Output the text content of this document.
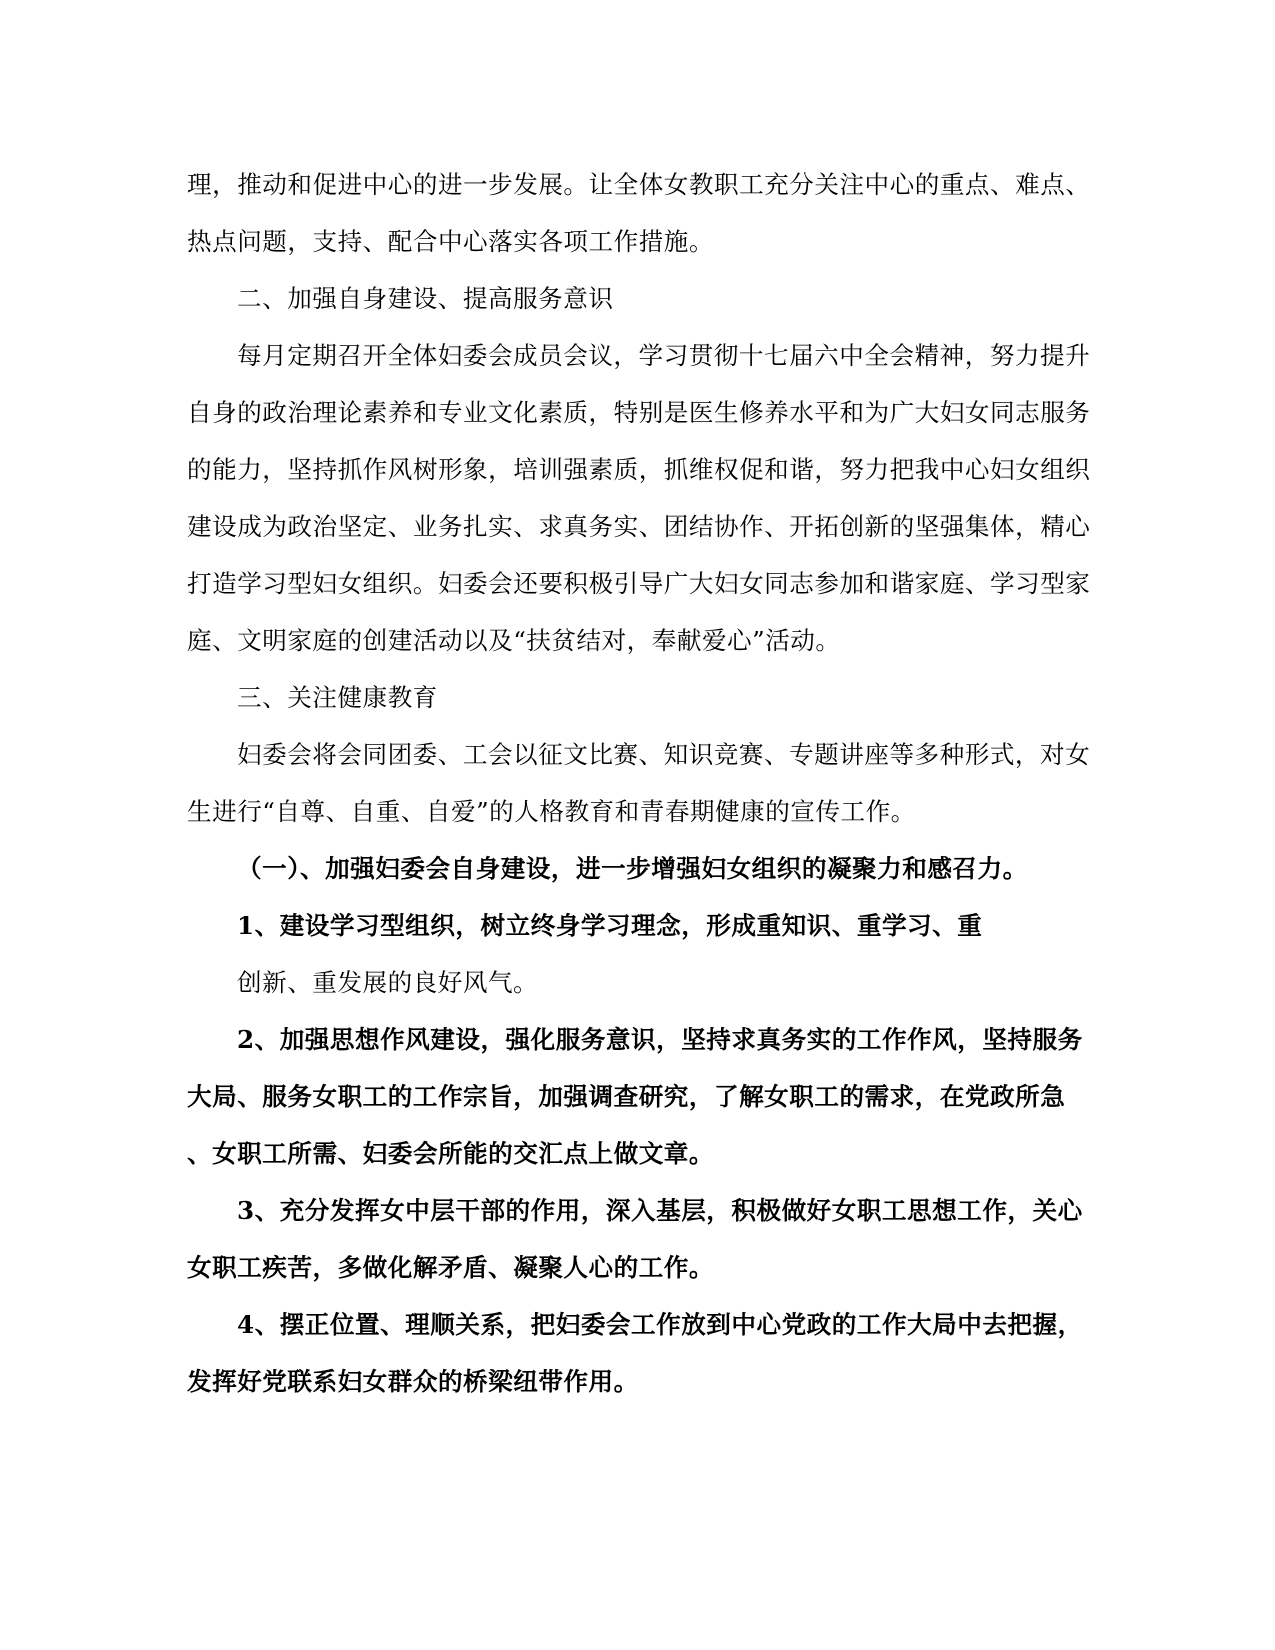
理，推动和促进中心的进一步发展。让全体女教职工充分关注中心的重点、难点、
热点问题，支持、配合中心落实各项工作措施。
二、加强自身建设、提高服务意识
每月定期召开全体妇委会成员会议，学习贯彻十七届六中全会精神，努力提升
自身的政治理论素养和专业文化素质，特别是医生修养水平和为广大妇女同志服务
的能力，坚持抓作风树形象，培训强素质，抓维权促和谐，努力把我中心妇女组织
建设成为政治坚定、业务扎实、求真务实、团结协作、开拓创新的坚强集体，精心
打造学习型妇女组织。妇委会还要积极引导广大妇女同志参加和谐家庭、学习型家
庭、文明家庭的创建活动以及“扶贫结对，奉献爱心”活动。
三、关注健康教育
妇委会将会同团委、工会以征文比赛、知识竞赛、专题讲座等多种形式，对女
生进行“自尊、自重、自爱”的人格教育和青春期健康的宣传工作。
（一）、加强妇委会自身建设，进一步增强妇女组织的凝聚力和感召力。
1、建设学习型组织，树立终身学习理念，形成重知识、重学习、重
创新、重发展的良好风气。
2、加强思想作风建设，强化服务意识，坚持求真务实的工作作风，坚持服务
大局、服务女职工的工作宗旨，加强调查研究，了解女职工的需求，在党政所急
、女职工所需、妇委会所能的交汇点上做文章。
3、充分发挥女中层干部的作用，深入基层，积极做好女职工思想工作，关心
女职工疾苦，多做化解矛盾、凝聚人心的工作。
4、摆正位置、理顺关系，把妇委会工作放到中心党政的工作大局中去把握，
发挥好党联系妇女群众的桥梁纽带作用。
